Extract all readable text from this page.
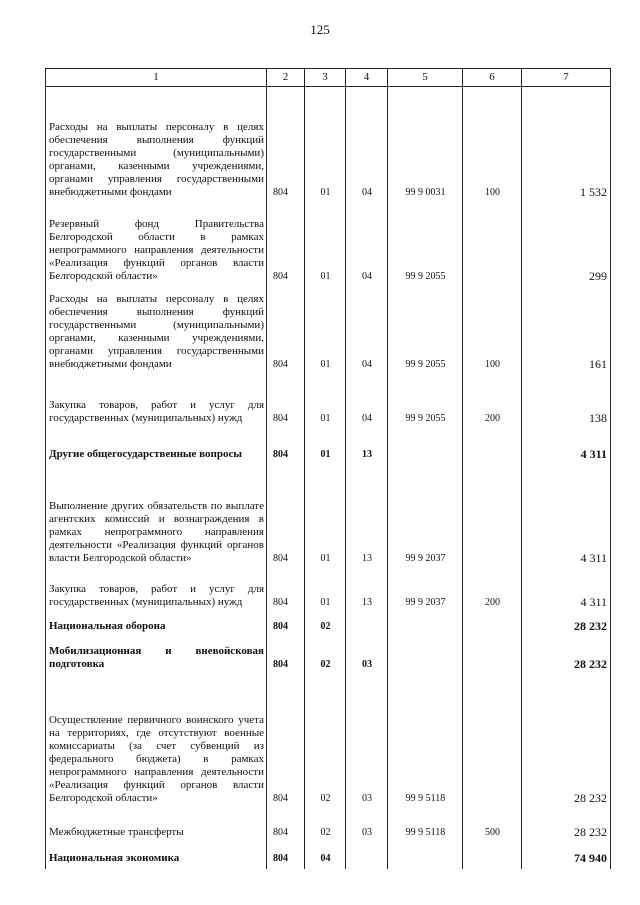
125
1	2	3	4	5	6	7
Расходы на выплаты персоналу в целях обеспечения выполнения функций государственными (муниципальными) органами, казенными учреждениями, органами управления государственными внебюджетными фондами	804	01	04	99 9 0031	100	1 532
Резервный фонд Правительства Белгородской области в рамках непрограммного направления деятельности «Реализация функций органов власти Белгородской области»	804	01	04	99 9 2055		299
Расходы на выплаты персоналу в целях обеспечения выполнения функций государственными (муниципальными) органами, казенными учреждениями, органами управления государственными внебюджетными фондами	804	01	04	99 9 2055	100	161
Закупка товаров, работ и услуг для государственных (муниципальных) нужд	804	01	04	99 9 2055	200	138
Другие общегосударственные вопросы	804	01	13			4 311
Выполнение других обязательств по выплате агентских комиссий и вознаграждения в рамках непрограммного направления деятельности «Реализация функций органов власти Белгородской области»	804	01	13	99 9 2037		4 311
Закупка товаров, работ и услуг для государственных (муниципальных) нужд	804	01	13	99 9 2037	200	4 311
Национальная оборона	804	02				28 232
Мобилизационная и вневойсковая подготовка	804	02	03			28 232
Осуществление первичного воинского учета на территориях, где отсутствуют военные комиссариаты (за счет субвенций из федерального бюджета) в рамках непрограммного направления деятельности «Реализация функций органов власти Белгородской области»	804	02	03	99 9 5118		28 232
Межбюджетные трансферты	804	02	03	99 9 5118	500	28 232
Национальная экономика	804	04				74 940
